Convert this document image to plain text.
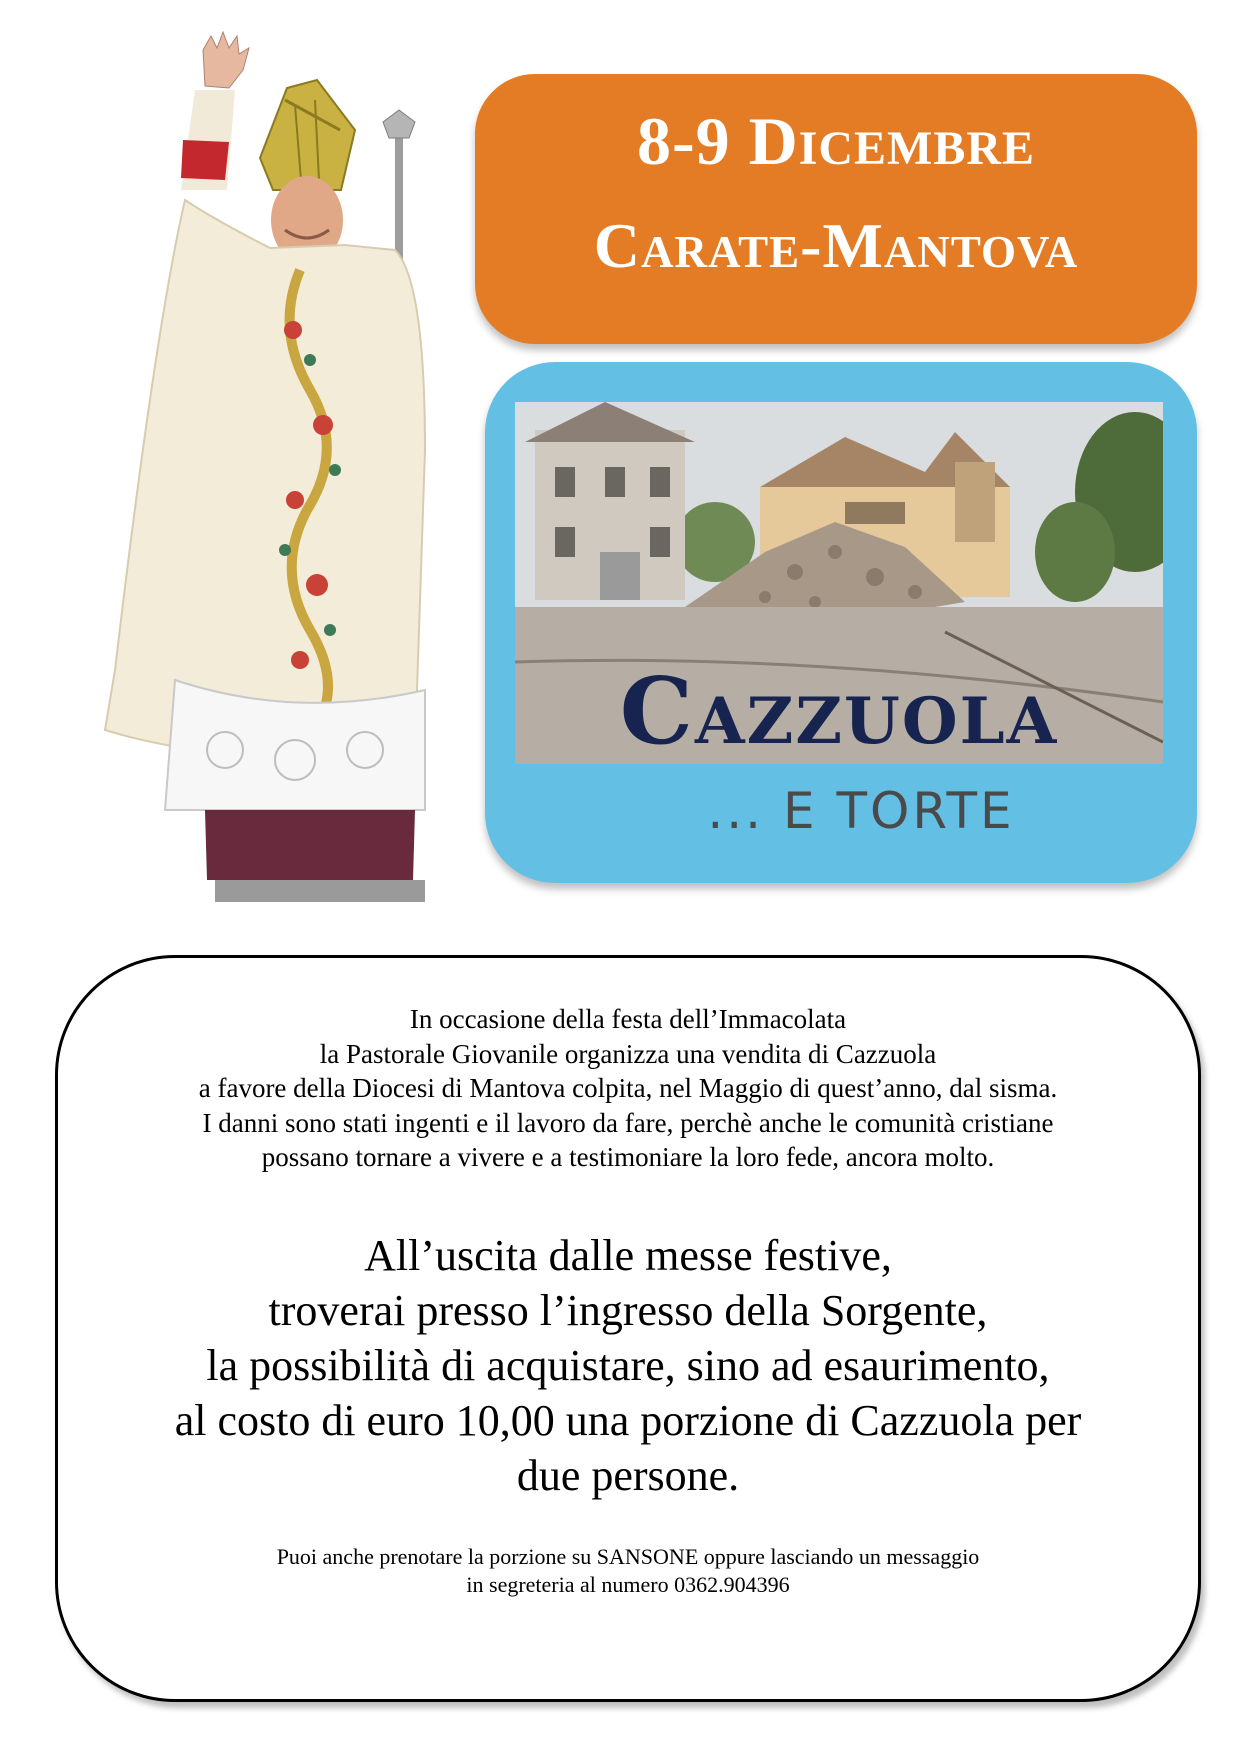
8-9 Dicembre
Carate-Mantova
Cazzuola
... E TORTE
In occasione della festa dell’Immacolata
la Pastorale Giovanile organizza una vendita di Cazzuola
a favore della Diocesi di Mantova colpita, nel Maggio di quest’anno, dal sisma.
I danni sono stati ingenti e il lavoro da fare, perchè anche le comunità cristiane
possano tornare a vivere e a testimoniare la loro fede, ancora molto.
All’uscita dalle messe festive,
troverai presso l’ingresso della Sorgente,
la possibilità di acquistare, sino ad esaurimento,
al costo di euro 10,00 una porzione di Cazzuola per
due persone.
Puoi anche prenotare la porzione su SANSONE oppure lasciando un messaggio
in segreteria al numero 0362.904396
